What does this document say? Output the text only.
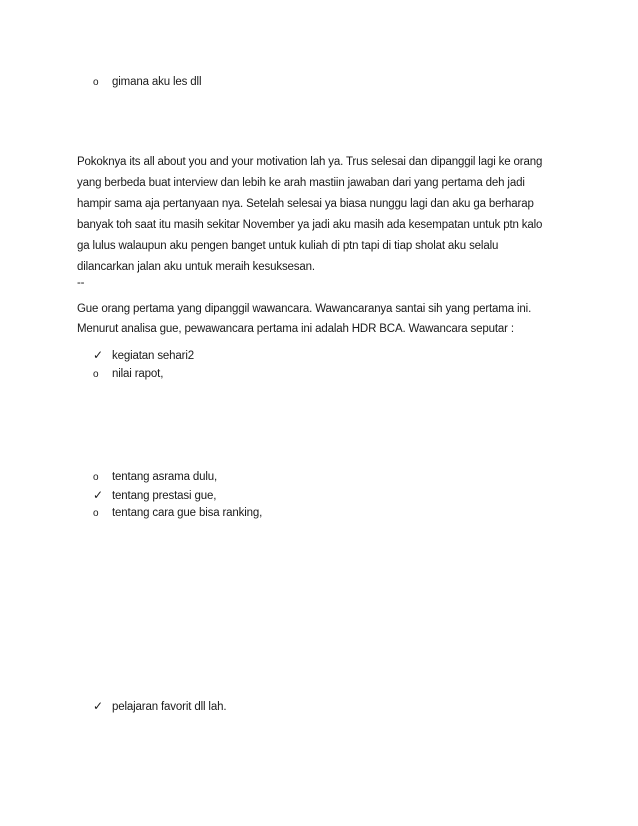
o gimana aku les dll
Pokoknya its all about you and your motivation lah ya. Trus selesai dan dipanggil lagi ke orang
yang berbeda buat interview dan lebih ke arah mastiin jawaban dari yang pertama deh jadi
hampir sama aja pertanyaan nya. Setelah selesai ya biasa nunggu lagi dan aku ga berharap
banyak toh saat itu masih sekitar November ya jadi aku masih ada kesempatan untuk ptn kalo
ga lulus walaupun aku pengen banget untuk kuliah di ptn tapi di tiap sholat aku selalu
dilancarkan jalan aku untuk meraih kesuksesan.
--
Gue orang pertama yang dipanggil wawancara. Wawancaranya santai sih yang pertama ini.
Menurut analisa gue, pewawancara pertama ini adalah HDR BCA. Wawancara seputar :
✓ kegiatan sehari2
o nilai rapot,
o tentang asrama dulu,
✓ tentang prestasi gue,
o tentang cara gue bisa ranking,
✓ pelajaran favorit dll lah.
